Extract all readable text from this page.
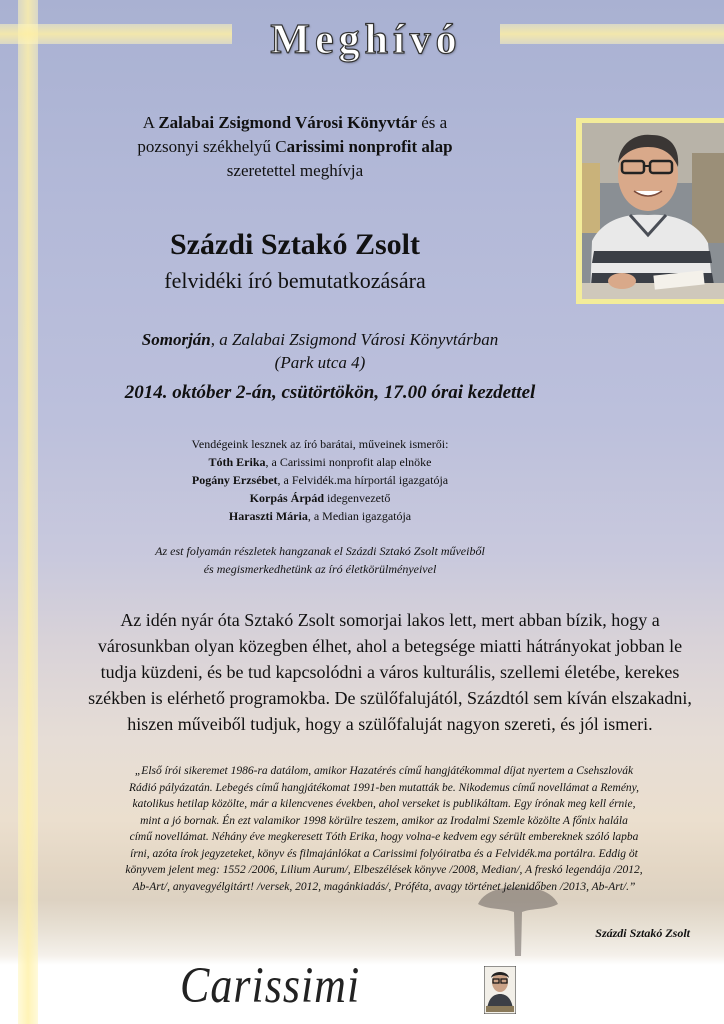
Meghívó
A Zalabai Zsigmond Városi Könyvtár és a
pozsonyi székhelyű Carissimi nonprofit alap
szeretettel meghívja
Százdi Sztakó Zsolt
felvidéki író bemutatkozására
Somorján, a Zalabai Zsigmond Városi Könyvtárban
(Park utca 4)
2014. október 2-án, csütörtökön, 17.00 órai kezdettel
Vendégeink lesznek az író barátai, műveinek ismerői:
Tóth Erika, a Carissimi nonprofit alap elnöke
Pogány Erzsébet, a Felvidék.ma hírportál igazgatója
Korpás Árpád idegenvezető
Haraszti Mária, a Median igazgatója
Az est folyamán részletek hangzanak el Százdi Sztakó Zsolt műveiből
és megismerkedhetünk az író életkörülményeivel
Az idén nyár óta Sztakó Zsolt somorjai lakos lett, mert abban bízik, hogy a
városunkban olyan közegben élhet, ahol a betegsége miatti hátrányokat jobban le
tudja küzdeni, és be tud kapcsolódni a város kulturális, szellemi életébe, kerekes
székben is elérhető programokba. De szülőfalujától, Százdtól sem kíván elszakadni,
hiszen műveiből tudjuk, hogy a szülőfaluját nagyon szereti, és jól ismeri.
„Első írói sikeremet 1986-ra datálom, amikor Hazatérés című hangjátékommal díjat nyertem a Csehszlovák
Rádió pályázatán. Lebegés című hangjátékomat 1991-ben mutatták be. Nikodemus című novellámat a Remény,
katolikus hetilap közölte, már a kilencvenes években, ahol verseket is publikáltam. Egy írónak meg kell érnie,
mint a jó bornak. Én ezt valamikor 1998 körülre teszem, amikor az Irodalmi Szemle közölte A főnix halála
című novellámat. Néhány éve megkeresett Tóth Erika, hogy volna-e kedvem egy sérült embereknek szóló lapba
írni, azóta írok jegyzeteket, könyv és filmajánlókat a Carissimi folyóiratba és a Felvidék.ma portálra. Eddig öt
könyvem jelent meg: 1552 /2006, Lilium Aurum/, Elbeszélések könyve /2008, Median/, A freskó legendája /2012,
Ab-Art/, anyavegyélgitárt! /versek, 2012, magánkiadás/, Próféta, avagy történet jelenidőben /2013, Ab-Art/.”
Százdi Sztakó Zsolt
Carissimi
